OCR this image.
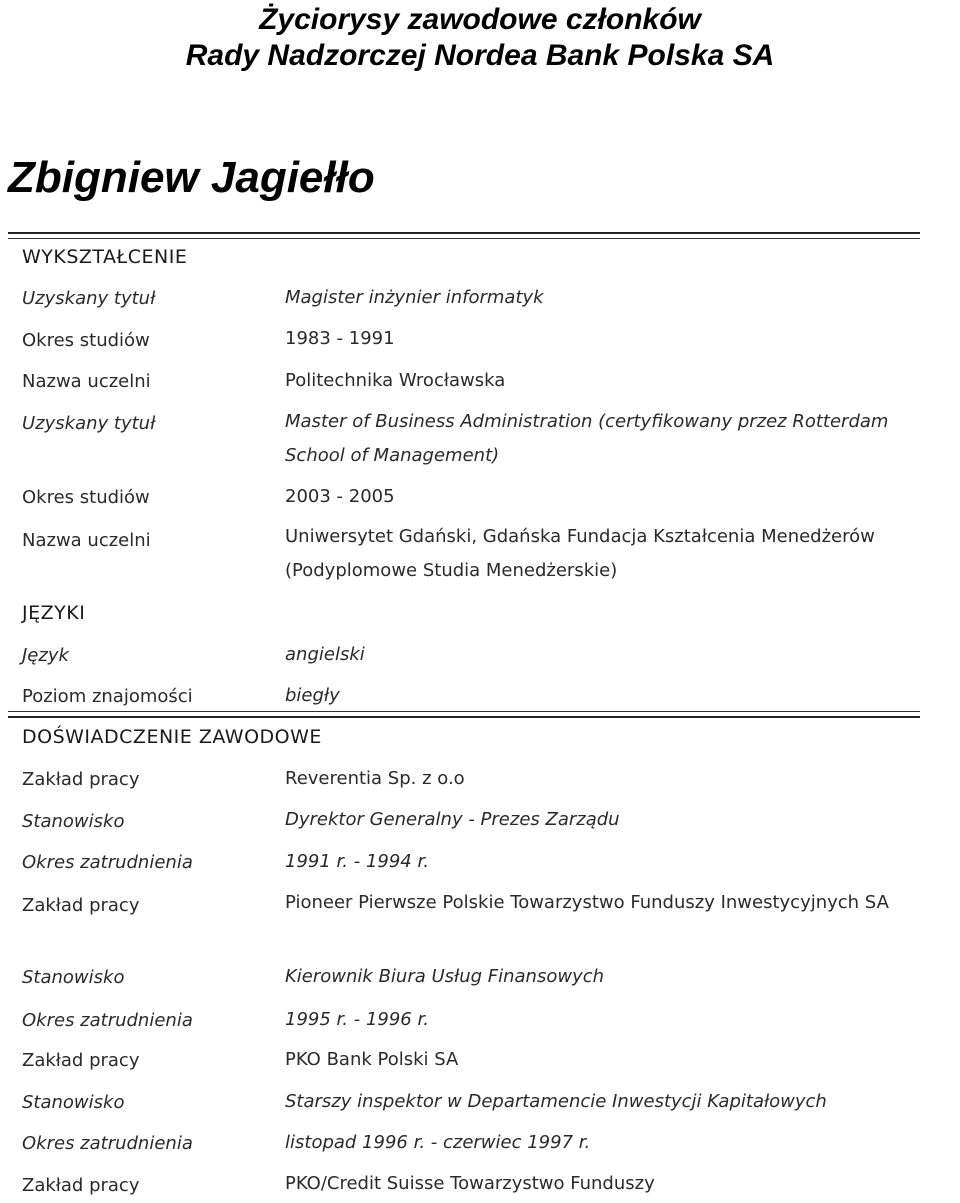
Życiorysy zawodowe członków
Rady Nadzorczej Nordea Bank Polska SA
Zbigniew Jagiełło
WYKSZTAŁCENIE
Uzyskany tytuł	Magister inżynier informatyk
Okres studiów	1983 - 1991
Nazwa uczelni	Politechnika Wrocławska
Uzyskany tytuł	Master of Business Administration (certyfikowany przez Rotterdam School of Management)
Okres studiów	2003 - 2005
Nazwa uczelni	Uniwersytet Gdański, Gdańska Fundacja Kształcenia Menedżerów (Podyplomowe Studia Menedżerskie)
JĘZYKI
Język	angielski
Poziom znajomości	biegły
DOŚWIADCZENIE ZAWODOWE
Zakład pracy	Reverentia Sp. z o.o
Stanowisko	Dyrektor Generalny - Prezes Zarządu
Okres zatrudnienia	1991 r. - 1994 r.
Zakład pracy	Pioneer Pierwsze Polskie Towarzystwo Funduszy Inwestycyjnych SA
Stanowisko	Kierownik Biura Usług Finansowych
Okres zatrudnienia	1995 r. - 1996 r.
Zakład pracy	PKO Bank Polski SA
Stanowisko	Starszy inspektor w Departamencie Inwestycji Kapitałowych
Okres zatrudnienia	listopad 1996 r. - czerwiec 1997 r.
Zakład pracy	PKO/Credit Suisse Towarzystwo Funduszy
